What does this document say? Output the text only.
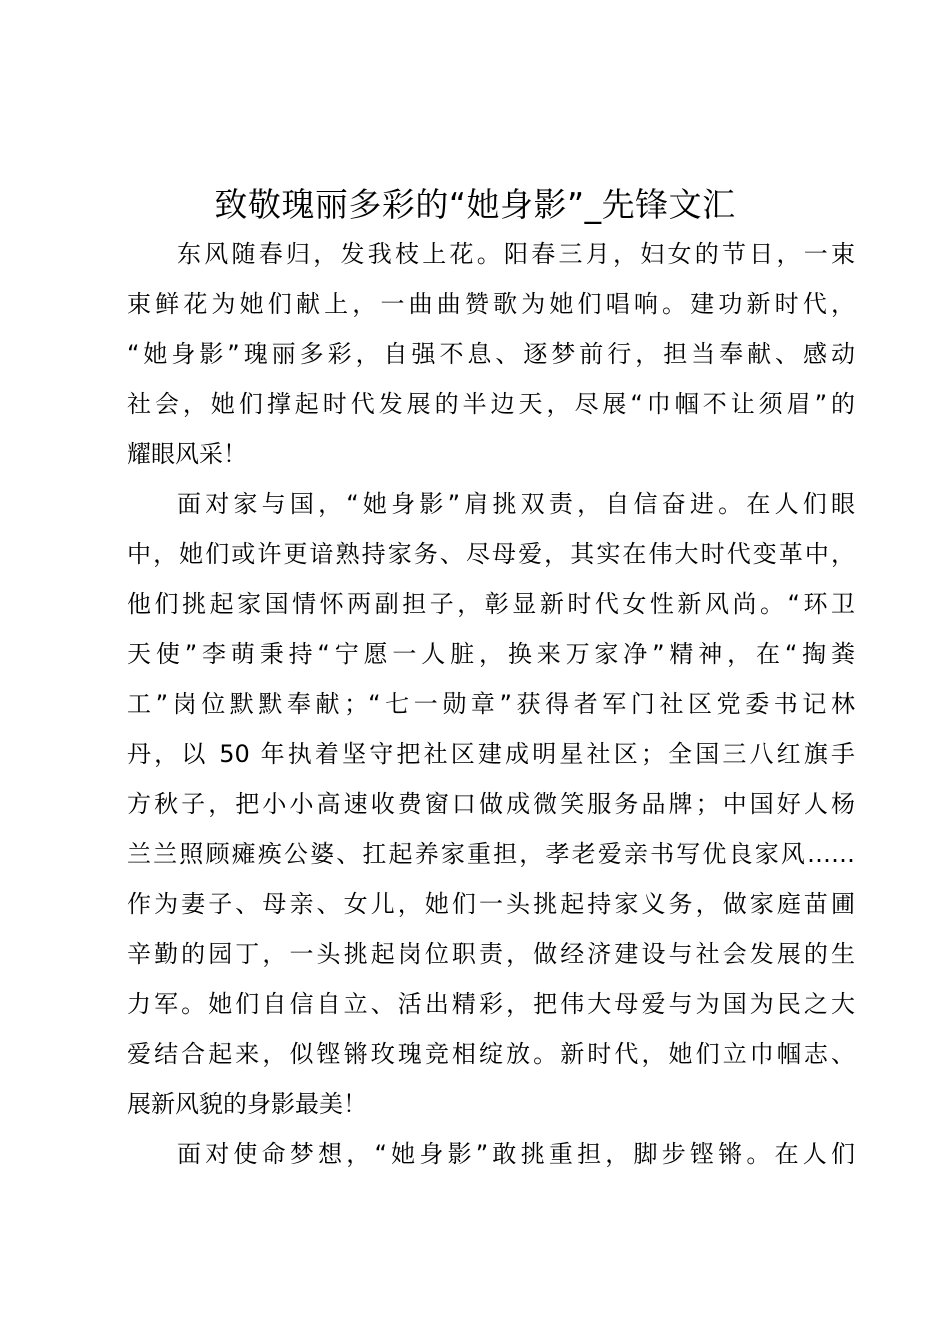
致敬瑰丽多彩的“她身影”_先锋文汇
东风随春归，发我枝上花。阳春三月，妇女的节日，一束
束鲜花为她们献上，一曲曲赞歌为她们唱响。建功新时代，
“她身影”瑰丽多彩，自强不息、逐梦前行，担当奉献、感动
社会，她们撑起时代发展的半边天，尽展“巾帼不让须眉”的
耀眼风采！
面对家与国，“她身影”肩挑双责，自信奋进。在人们眼
中，她们或许更谙熟持家务、尽母爱，其实在伟大时代变革中，
他们挑起家国情怀两副担子，彰显新时代女性新风尚。“环卫
天使”李萌秉持“宁愿一人脏，换来万家净”精神，在“掏粪
工”岗位默默奉献；“七一勋章”获得者军门社区党委书记林
丹，以 50 年执着坚守把社区建成明星社区；全国三八红旗手
方秋子，把小小高速收费窗口做成微笑服务品牌；中国好人杨
兰兰照顾瘫痪公婆、扛起养家重担，孝老爱亲书写优良家风……
作为妻子、母亲、女儿，她们一头挑起持家义务，做家庭苗圃
辛勤的园丁，一头挑起岗位职责，做经济建设与社会发展的生
力军。她们自信自立、活出精彩，把伟大母爱与为国为民之大
爱结合起来，似铿锵玫瑰竞相绽放。新时代，她们立巾帼志、
展新风貌的身影最美！
面对使命梦想，“她身影”敢挑重担，脚步铿锵。在人们
